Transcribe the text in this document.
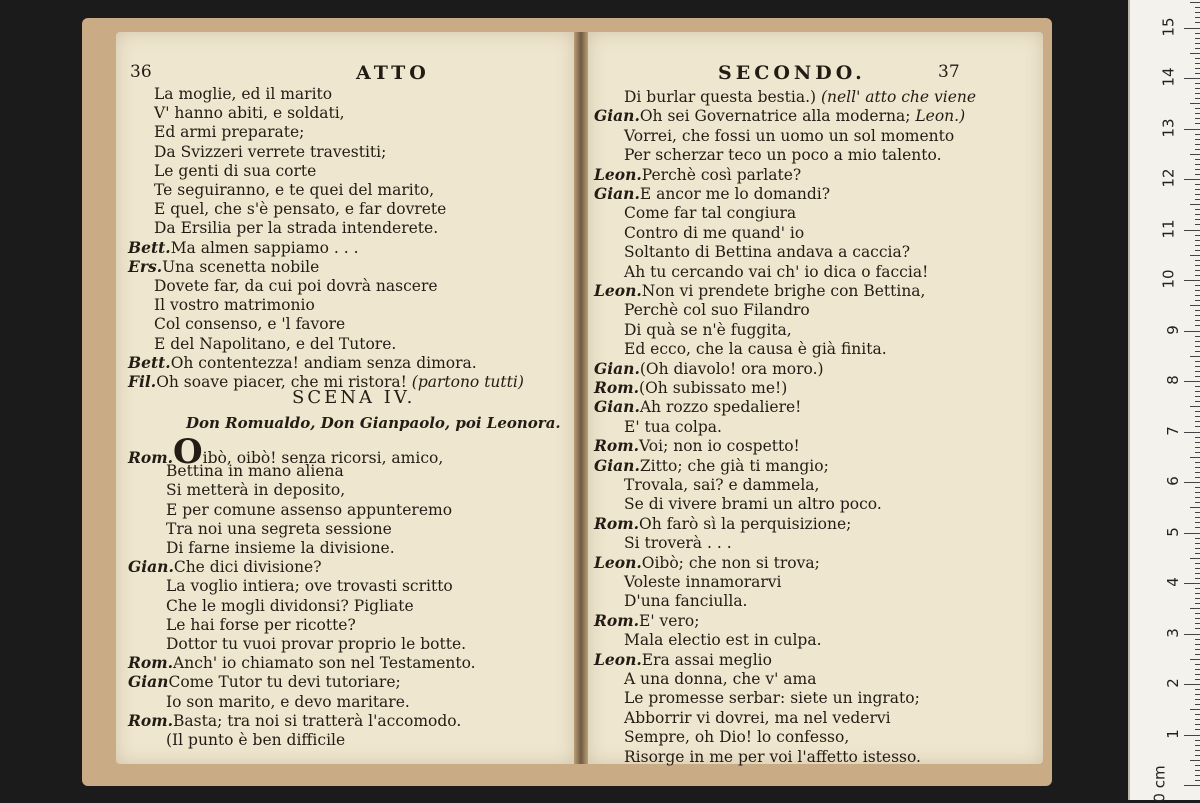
36	ATTO
La moglie, ed il marito
V' hanno abiti, e soldati,
Ed armi preparate;
Da Svizzeri verrete travestiti;
Le genti di sua corte
Te seguiranno, e te quei del marito,
E quel, che s'è pensato, e far dovrete
Da Ersilia per la strada intenderete.
Bett.Ma almen sappiamo . . .
Ers.Una scenetta nobile
Dovete far, da cui poi dovrà nascere
Il vostro matrimonio
Col consenso, e 'l favore
E del Napolitano, e del Tutore.
Bett.Oh contentezza! andiam senza dimora.
Fil.Oh soave piacer, che mi ristora! (partono tutti)
SCENA IV.
Don Romualdo, Don Gianpaolo, poi Leonora.
Rom.Oibò, oibò! senza ricorsi, amico,
Bettina in mano aliena
Si metterà in deposito,
E per comune assenso appunteremo
Tra noi una segreta sessione
Di farne insieme la divisione.
Gian.Che dici divisione?
La voglio intiera; ove trovasti scritto
Che le mogli dividonsi? Pigliate
Le hai forse per ricotte?
Dottor tu vuoi provar proprio le botte.
Rom.Anch' io chiamato son nel Testamento.
GianCome Tutor tu devi tutoriare;
Io son marito, e devo maritare.
Rom.Basta; tra noi si tratterà l'accomodo.
(Il punto è ben difficile
SECONDO.	37
Di burlar questa bestia.) (nell' atto che viene
Gian.Oh sei Governatrice alla moderna; Leon.)
Vorrei, che fossi un uomo un sol momento
Per scherzar teco un poco a mio talento.
Leon.Perchè così parlate?
Gian.E ancor me lo domandi?
Come far tal congiura
Contro di me quand' io
Soltanto di Bettina andava a caccia?
Ah tu cercando vai ch' io dica o faccia!
Leon.Non vi prendete brighe con Bettina,
Perchè col suo Filandro
Di quà se n'è fuggita,
Ed ecco, che la causa è già finita.
Gian.(Oh diavolo! ora moro.)
Rom.(Oh subissato me!)
Gian.Ah rozzo spedaliere!
E' tua colpa.
Rom.Voi; non io cospetto!
Gian.Zitto; che già ti mangio;
Trovala, sai? e dammela,
Se di vivere brami un altro poco.
Rom.Oh farò sì la perquisizione;
Si troverà . . .
Leon.Oibò; che non si trova;
Voleste innamorarvi
D'una fanciulla.
Rom.E' vero;
Mala electio est in culpa.
Leon.Era assai meglio
A una donna, che v' ama
Le promesse serbar: siete un ingrato;
Abborrir vi dovrei, ma nel vedervi
Sempre, oh Dio! lo confesso,
Risorge in me per voi l'affetto istesso.
0 cm
1
2
3
4
5
6
7
8
9
10
11
12
13
14
15
